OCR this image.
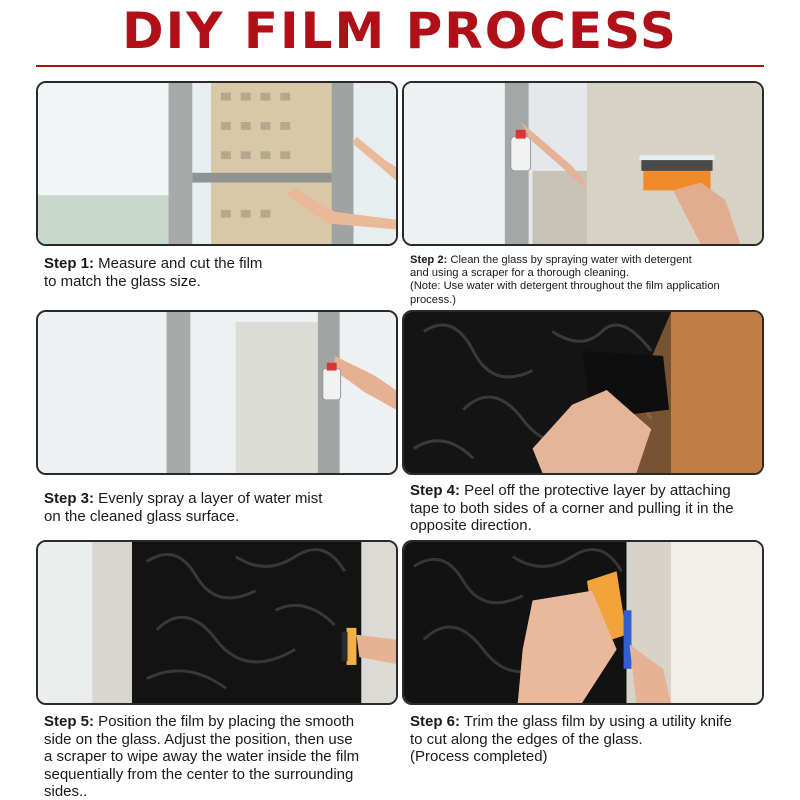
DIY FILM PROCESS
Step 1: Measure and cut the film
to match the glass size.
Step 2: Clean the glass by spraying water with detergent
and using a scraper for a thorough cleaning.
(Note: Use water with detergent throughout the film application
process.)
Step 3: Evenly spray a layer of water mist
on the cleaned glass surface.
Step 4: Peel off the protective layer by attaching
tape to both sides of a corner and pulling it in the
opposite direction.
Step 5: Position the film by placing the smooth
side on the glass. Adjust the position, then use
a scraper to wipe away the water inside the film
sequentially from the center to the surrounding
sides..
Step 6: Trim the glass film by using a utility knife
to cut along the edges of the glass.
(Process completed)
